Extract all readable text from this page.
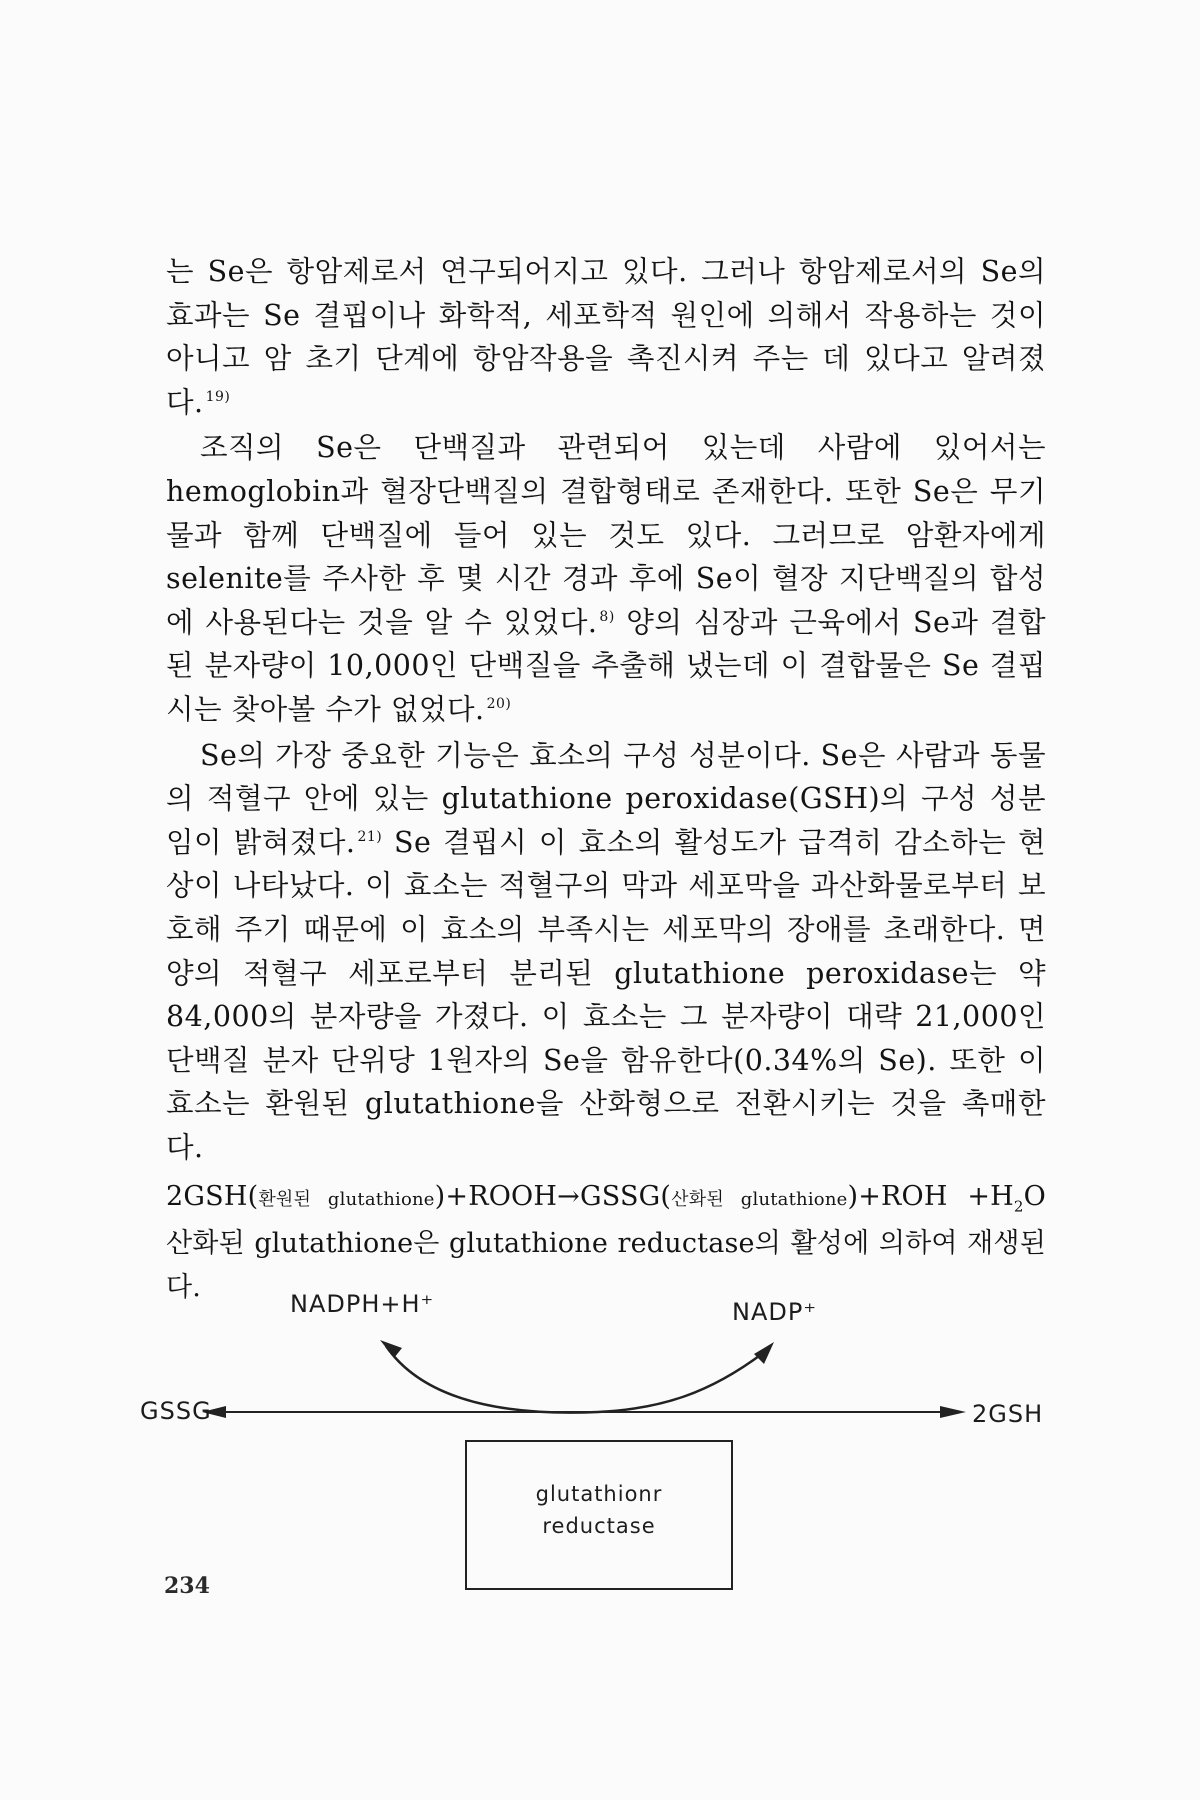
는 Se은 항암제로서 연구되어지고 있다. 그러나 항암제로서의 Se의 효과는 Se 결핍이나 화학적, 세포학적 원인에 의해서 작용하는 것이 아니고 암 초기 단계에 항암작용을 촉진시켜 주는 데 있다고 알려졌다. $^{19)}$

조직의 Se은 단백질과 관련되어 있는데 사람에 있어서는 hemoglobin과 혈장단백질의 결합형태로 존재한다. 또한 Se은 무기물과 함께 단백질에 들어 있는 것도 있다. 그러므로 암환자에게 selenite를 주사한 후 몇 시간 경과 후에 Se이 혈장 지단백질의 합성에 사용된다는 것을 알 수 있었다. $^{8)}$ 양의 심장과 근육에서 Se과 결합된 분자량이 10,000인 단백질을 추출해 냈는데 이 결합물은 Se 결핍시는 찾아볼 수가 없었다. $^{20)}$

Se의 가장 중요한 기능은 효소의 구성 성분이다. Se은 사람과 동물의 적혈구 안에 있는 glutathione peroxidase(GSH)의 구성 성분임이 밝혀졌다. $^{21)}$ Se 결핍시 이 효소의 활성도가 급격히 감소하는 현상이 나타났다. 이 효소는 적혈구의 막과 세포막을 과산화물로부터 보호해 주기 때문에 이 효소의 부족시는 세포막의 장애를 초래한다. 면양의 적혈구 세포로부터 분리된 glutathione peroxidase는 약 84,000의 분자량을 가졌다. 이 효소는 그 분자량이 대략 21,000인 단백질 분자 단위당 1원자의 Se을 함유한다(0.34%의 Se). 또한 이 효소는 환원된 glutathione을 산화형으로 전환시키는 것을 촉매한다.

2GSH(환원된 glutathione)+ROOH→GSSG(산화된 glutathione)+ROH $+H_2O$ 산화된 glutathione은 glutathione reductase의 활성에 의하여 재생된다.

NADPH+H⁺	NADP⁺
GSSG	2GSH
glutathionr
reductase
234
